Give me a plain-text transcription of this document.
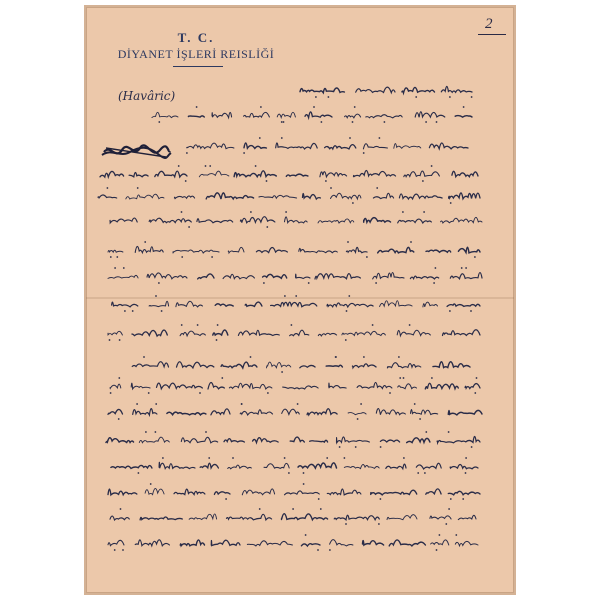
T. C.
DİYANET İŞLERİ REISLİĞİ
2
(Havâric)
